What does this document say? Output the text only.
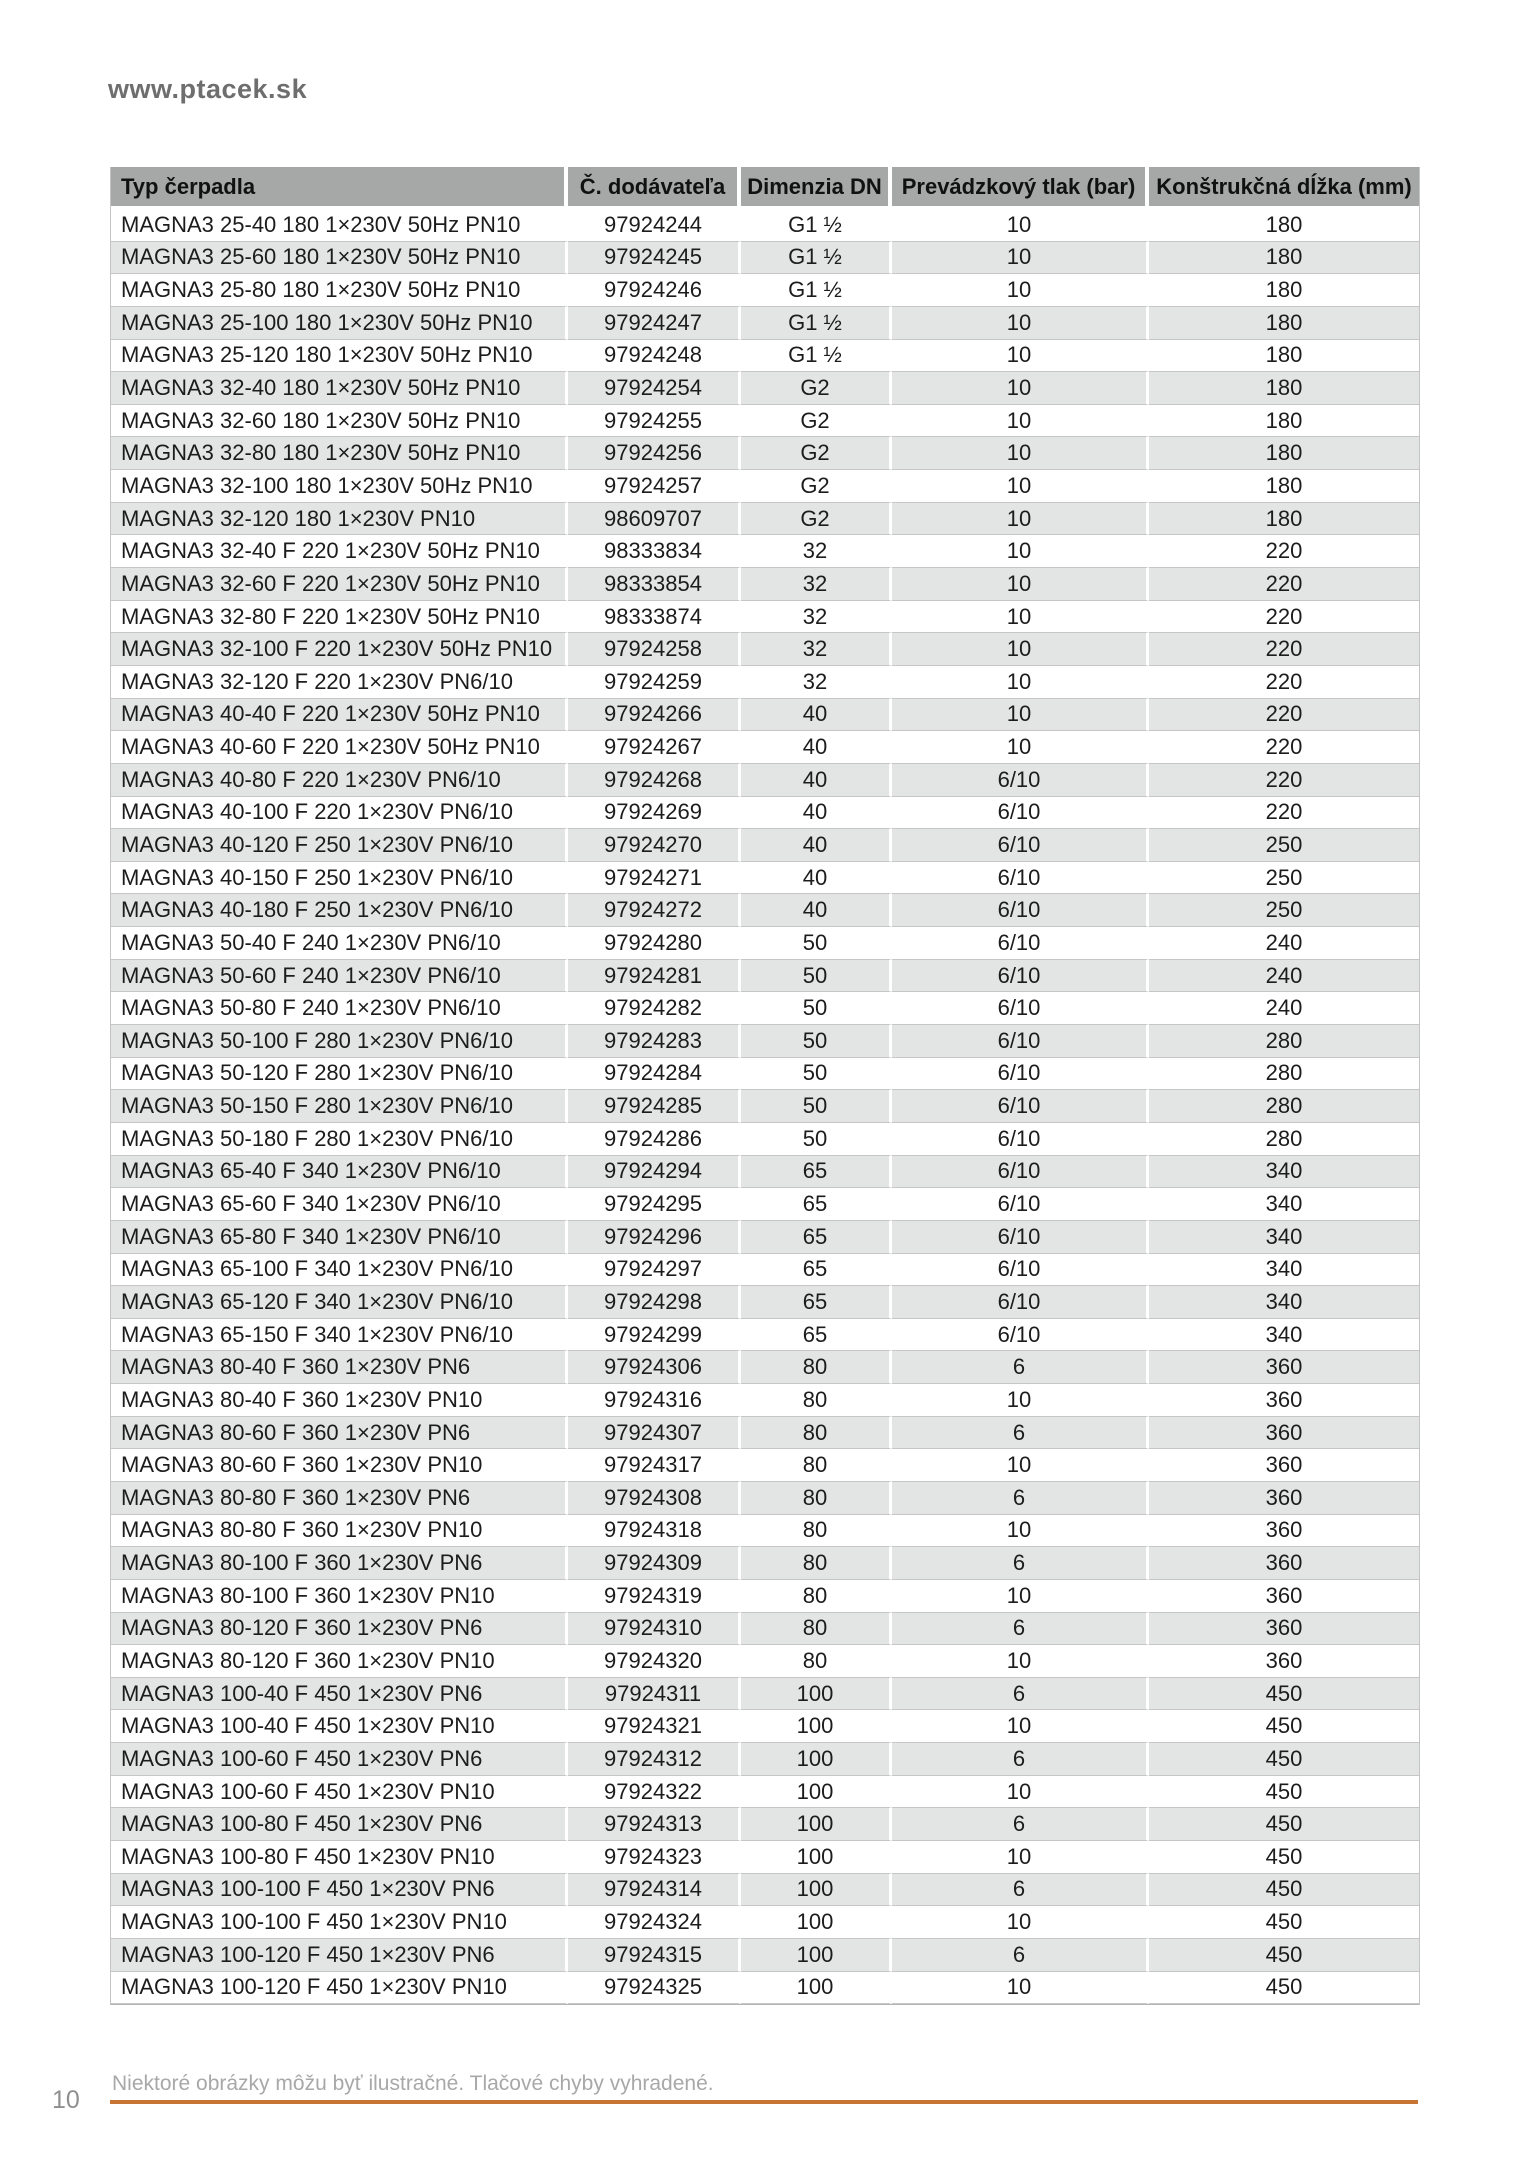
www.ptacek.sk
Typ čerpadla	Č. dodávateľa	Dimenzia DN	Prevádzkový tlak (bar)	Konštrukčná dĺžka (mm)
MAGNA3 25-40 180 1×230V 50Hz PN10	97924244	G1 ½	10	180
MAGNA3 25-60 180 1×230V 50Hz PN10	97924245	G1 ½	10	180
MAGNA3 25-80 180 1×230V 50Hz PN10	97924246	G1 ½	10	180
MAGNA3 25-100 180 1×230V 50Hz PN10	97924247	G1 ½	10	180
MAGNA3 25-120 180 1×230V 50Hz PN10	97924248	G1 ½	10	180
MAGNA3 32-40 180 1×230V 50Hz PN10	97924254	G2	10	180
MAGNA3 32-60 180 1×230V 50Hz PN10	97924255	G2	10	180
MAGNA3 32-80 180 1×230V 50Hz PN10	97924256	G2	10	180
MAGNA3 32-100 180 1×230V 50Hz PN10	97924257	G2	10	180
MAGNA3 32-120 180 1×230V PN10	98609707	G2	10	180
MAGNA3 32-40 F 220 1×230V 50Hz PN10	98333834	32	10	220
MAGNA3 32-60 F 220 1×230V 50Hz PN10	98333854	32	10	220
MAGNA3 32-80 F 220 1×230V 50Hz PN10	98333874	32	10	220
MAGNA3 32-100 F 220 1×230V 50Hz PN10	97924258	32	10	220
MAGNA3 32-120 F 220 1×230V PN6/10	97924259	32	10	220
MAGNA3 40-40 F 220 1×230V 50Hz PN10	97924266	40	10	220
MAGNA3 40-60 F 220 1×230V 50Hz PN10	97924267	40	10	220
MAGNA3 40-80 F 220 1×230V PN6/10	97924268	40	6/10	220
MAGNA3 40-100 F 220 1×230V PN6/10	97924269	40	6/10	220
MAGNA3 40-120 F 250 1×230V PN6/10	97924270	40	6/10	250
MAGNA3 40-150 F 250 1×230V PN6/10	97924271	40	6/10	250
MAGNA3 40-180 F 250 1×230V PN6/10	97924272	40	6/10	250
MAGNA3 50-40 F 240 1×230V PN6/10	97924280	50	6/10	240
MAGNA3 50-60 F 240 1×230V PN6/10	97924281	50	6/10	240
MAGNA3 50-80 F 240 1×230V PN6/10	97924282	50	6/10	240
MAGNA3 50-100 F 280 1×230V PN6/10	97924283	50	6/10	280
MAGNA3 50-120 F 280 1×230V PN6/10	97924284	50	6/10	280
MAGNA3 50-150 F 280 1×230V PN6/10	97924285	50	6/10	280
MAGNA3 50-180 F 280 1×230V PN6/10	97924286	50	6/10	280
MAGNA3 65-40 F 340 1×230V PN6/10	97924294	65	6/10	340
MAGNA3 65-60 F 340 1×230V PN6/10	97924295	65	6/10	340
MAGNA3 65-80 F 340 1×230V PN6/10	97924296	65	6/10	340
MAGNA3 65-100 F 340 1×230V PN6/10	97924297	65	6/10	340
MAGNA3 65-120 F 340 1×230V PN6/10	97924298	65	6/10	340
MAGNA3 65-150 F 340 1×230V PN6/10	97924299	65	6/10	340
MAGNA3 80-40 F 360 1×230V PN6	97924306	80	6	360
MAGNA3 80-40 F 360 1×230V PN10	97924316	80	10	360
MAGNA3 80-60 F 360 1×230V PN6	97924307	80	6	360
MAGNA3 80-60 F 360 1×230V PN10	97924317	80	10	360
MAGNA3 80-80 F 360 1×230V PN6	97924308	80	6	360
MAGNA3 80-80 F 360 1×230V PN10	97924318	80	10	360
MAGNA3 80-100 F 360 1×230V PN6	97924309	80	6	360
MAGNA3 80-100 F 360 1×230V PN10	97924319	80	10	360
MAGNA3 80-120 F 360 1×230V PN6	97924310	80	6	360
MAGNA3 80-120 F 360 1×230V PN10	97924320	80	10	360
MAGNA3 100-40 F 450 1×230V PN6	97924311	100	6	450
MAGNA3 100-40 F 450 1×230V PN10	97924321	100	10	450
MAGNA3 100-60 F 450 1×230V PN6	97924312	100	6	450
MAGNA3 100-60 F 450 1×230V PN10	97924322	100	10	450
MAGNA3 100-80 F 450 1×230V PN6	97924313	100	6	450
MAGNA3 100-80 F 450 1×230V PN10	97924323	100	10	450
MAGNA3 100-100 F 450 1×230V PN6	97924314	100	6	450
MAGNA3 100-100 F 450 1×230V PN10	97924324	100	10	450
MAGNA3 100-120 F 450 1×230V PN6	97924315	100	6	450
MAGNA3 100-120 F 450 1×230V PN10	97924325	100	10	450
Niektoré obrázky môžu byť ilustračné. Tlačové chyby vyhradené.
10
